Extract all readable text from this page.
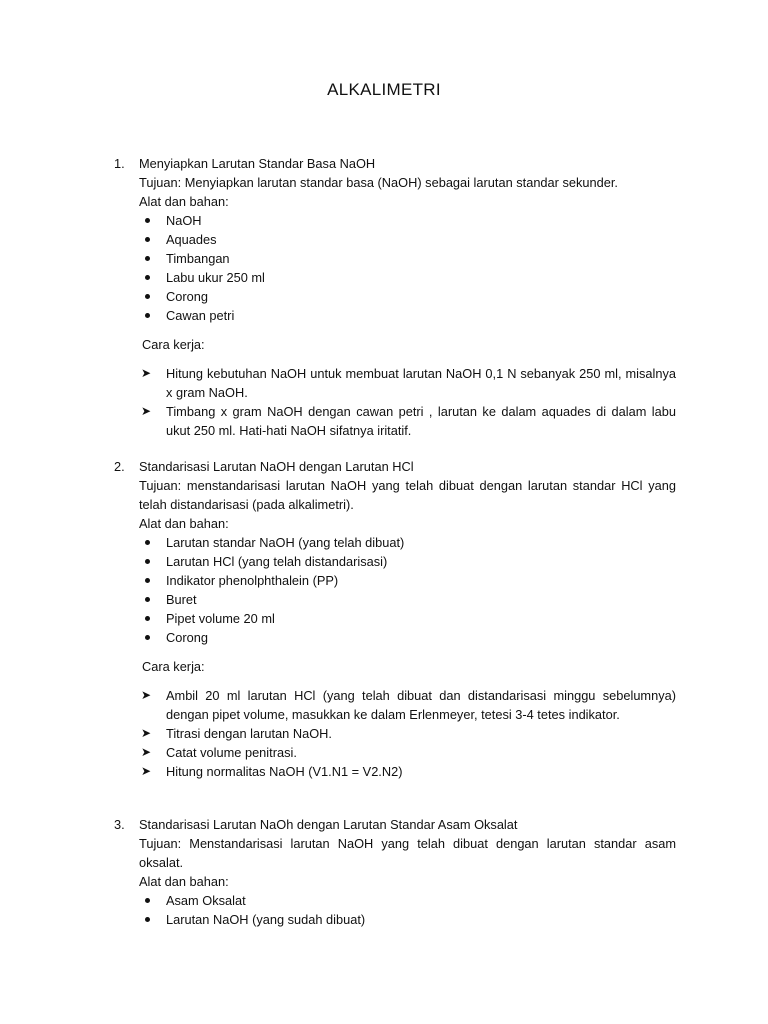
ALKALIMETRI
1. Menyiapkan Larutan Standar Basa NaOH
Tujuan: Menyiapkan larutan standar basa (NaOH) sebagai larutan standar sekunder.
Alat dan bahan:
NaOH
Aquades
Timbangan
Labu ukur 250 ml
Corong
Cawan petri
Cara kerja:
➤ Hitung kebutuhan NaOH untuk membuat larutan NaOH 0,1 N sebanyak 250 ml, misalnya x gram NaOH.
➤ Timbang x gram NaOH dengan cawan petri , larutan ke dalam aquades di dalam labu ukut 250 ml. Hati-hati NaOH sifatnya iritatif.
2. Standarisasi Larutan NaOH dengan Larutan HCl
Tujuan: menstandarisasi larutan NaOH yang telah dibuat dengan larutan standar HCl yang telah distandarisasi (pada alkalimetri).
Alat dan bahan:
Larutan standar NaOH (yang telah dibuat)
Larutan HCl (yang telah distandarisasi)
Indikator phenolphthalein (PP)
Buret
Pipet volume 20 ml
Corong
Cara kerja:
➤ Ambil 20 ml larutan HCl (yang telah dibuat dan distandarisasi minggu sebelumnya) dengan pipet volume, masukkan ke dalam Erlenmeyer, tetesi 3-4 tetes indikator.
➤ Titrasi dengan larutan NaOH.
➤ Catat volume penitrasi.
➤ Hitung normalitas NaOH (V1.N1 = V2.N2)
3. Standarisasi Larutan NaOh dengan Larutan Standar Asam Oksalat
Tujuan: Menstandarisasi larutan NaOH yang telah dibuat dengan larutan standar asam oksalat.
Alat dan bahan:
Asam Oksalat
Larutan NaOH (yang sudah dibuat)
